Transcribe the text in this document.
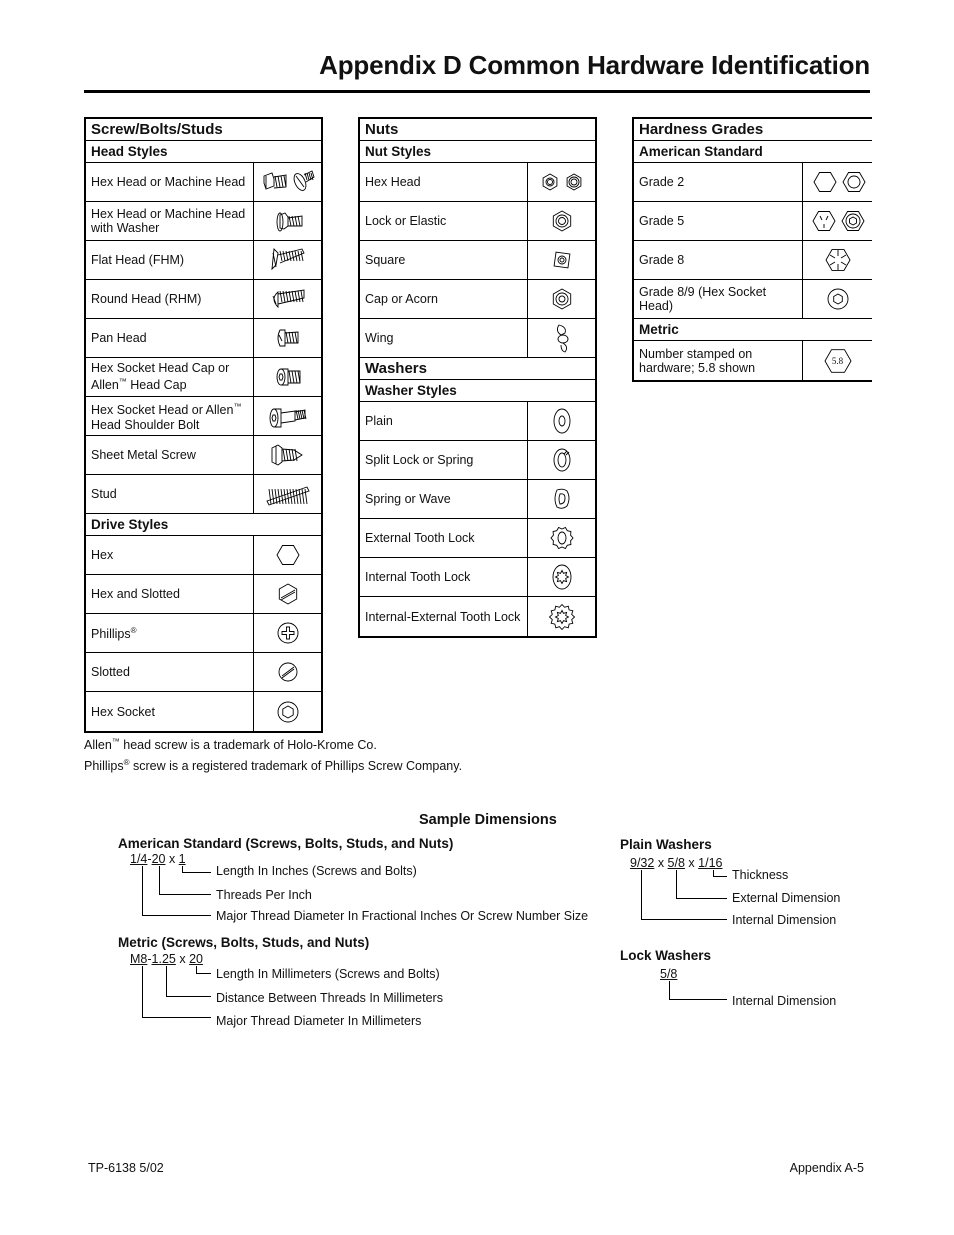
Appendix D Common Hardware Identification
Screw/Bolts/Studs
Head Styles
Hex Head or Machine Head
Hex Head or Machine Head with Washer
Flat Head (FHM)
Round Head (RHM)
Pan Head
Hex Socket Head Cap or Allen™ Head Cap
Hex Socket Head or Allen™ Head Shoulder Bolt
Sheet Metal Screw
Stud
Drive Styles
Hex
Hex and Slotted
Phillips®
Slotted
Hex Socket
Nuts
Nut Styles
Hex Head
Lock or Elastic
Square
Cap or Acorn
Wing
Washers
Washer Styles
Plain
Split Lock or Spring
Spring or Wave
External Tooth Lock
Internal Tooth Lock
Internal-External Tooth Lock
Hardness Grades
American Standard
Grade 2
Grade 5
Grade 8
Grade 8/9 (Hex Socket Head)
Metric
Number stamped on hardware; 5.8 shown	5.8
Allen™ head screw is a trademark of Holo-Krome Co.
Phillips® screw is a registered trademark of Phillips Screw Company.
Sample Dimensions
American Standard (Screws, Bolts, Studs, and Nuts)
1/4-20 x 1
Length In Inches (Screws and Bolts)
Threads Per Inch
Major Thread Diameter In Fractional Inches Or Screw Number Size
Metric (Screws, Bolts, Studs, and Nuts)
M8-1.25 x 20
Length In Millimeters (Screws and Bolts)
Distance Between Threads In Millimeters
Major Thread Diameter In Millimeters
Plain Washers
9/32 x 5/8 x 1/16
Thickness
External Dimension
Internal Dimension
Lock Washers
5/8
Internal Dimension
TP-6138 5/02	Appendix A-5
